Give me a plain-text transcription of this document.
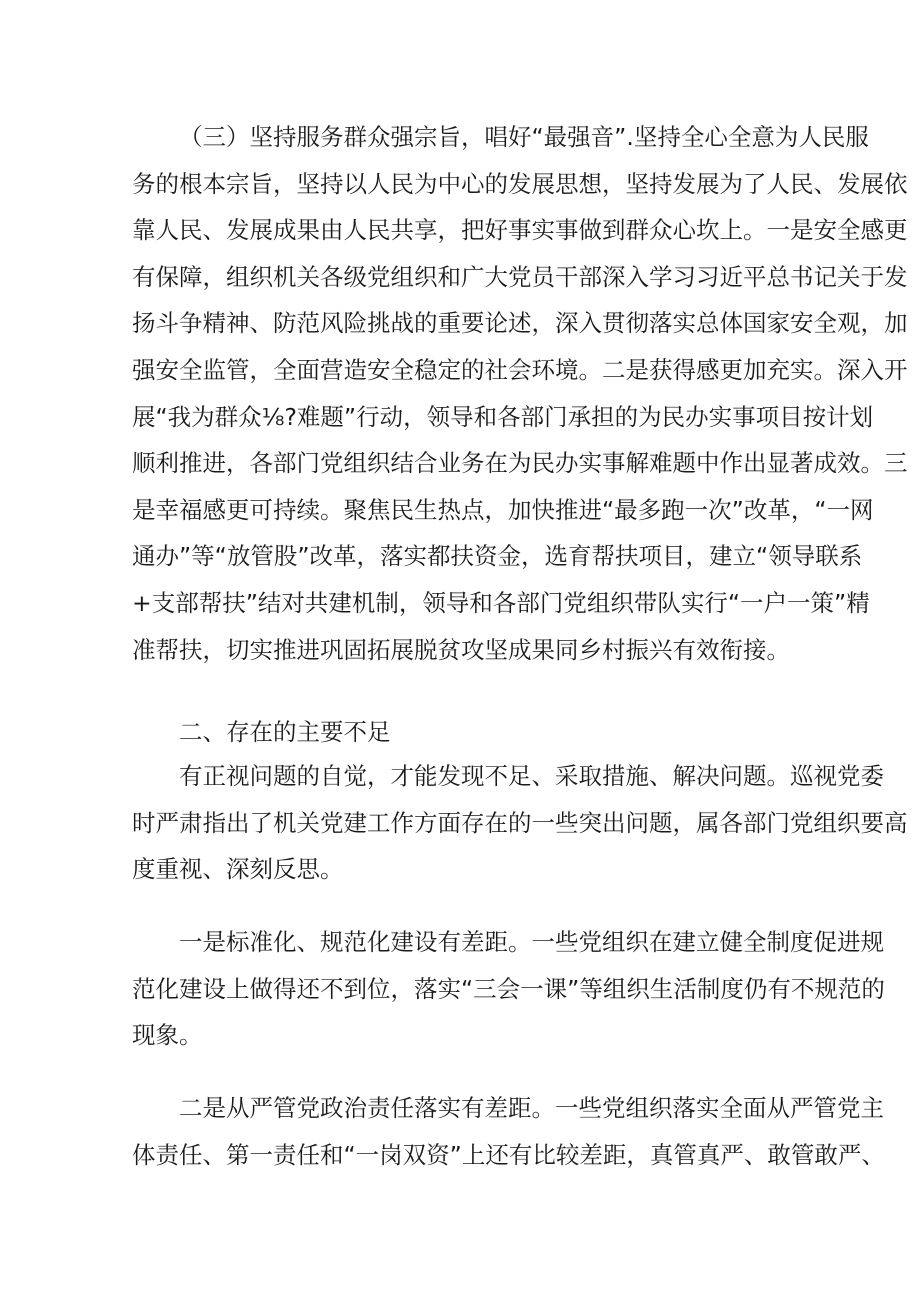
（三）坚持服务群众强宗旨，唱好“最强音”.坚持全心全意为人民服
务的根本宗旨，坚持以人民为中心的发展思想，坚持发展为了人民、发展依
靠人民、发展成果由人民共享，把好事实事做到群众心坎上。一是安全感更
有保障，组织机关各级党组织和广大党员干部深入学习习近平总书记关于发
扬斗争精神、防范风险挑战的重要论述，深入贯彻落实总体国家安全观，加
强安全监管，全面营造安全稳定的社会环境。二是获得感更加充实。深入开
展“我为群众⅛?难题”行动，领导和各部门承担的为民办实事项目按计划
顺利推进，各部门党组织结合业务在为民办实事解难题中作出显著成效。三
是幸福感更可持续。聚焦民生热点，加快推进“最多跑一次”改革，“一网
通办”等“放管股”改革，落实都扶资金，选育帮扶项目，建立“领导联系
+支部帮扶”结对共建机制，领导和各部门党组织带队实行“一户一策”精
准帮扶，切实推进巩固拓展脱贫攻坚成果同乡村振兴有效衔接。
二、存在的主要不足
有正视问题的自觉，才能发现不足、采取措施、解决问题。巡视党委
时严肃指出了机关党建工作方面存在的一些突出问题，属各部门党组织要高
度重视、深刻反思。
一是标准化、规范化建设有差距。一些党组织在建立健全制度促进规
范化建设上做得还不到位，落实“三会一课”等组织生活制度仍有不规范的
现象。
二是从严管党政治责任落实有差距。一些党组织落实全面从严管党主
体责任、第一责任和“一岗双资”上还有比较差距，真管真严、敢管敢严、
